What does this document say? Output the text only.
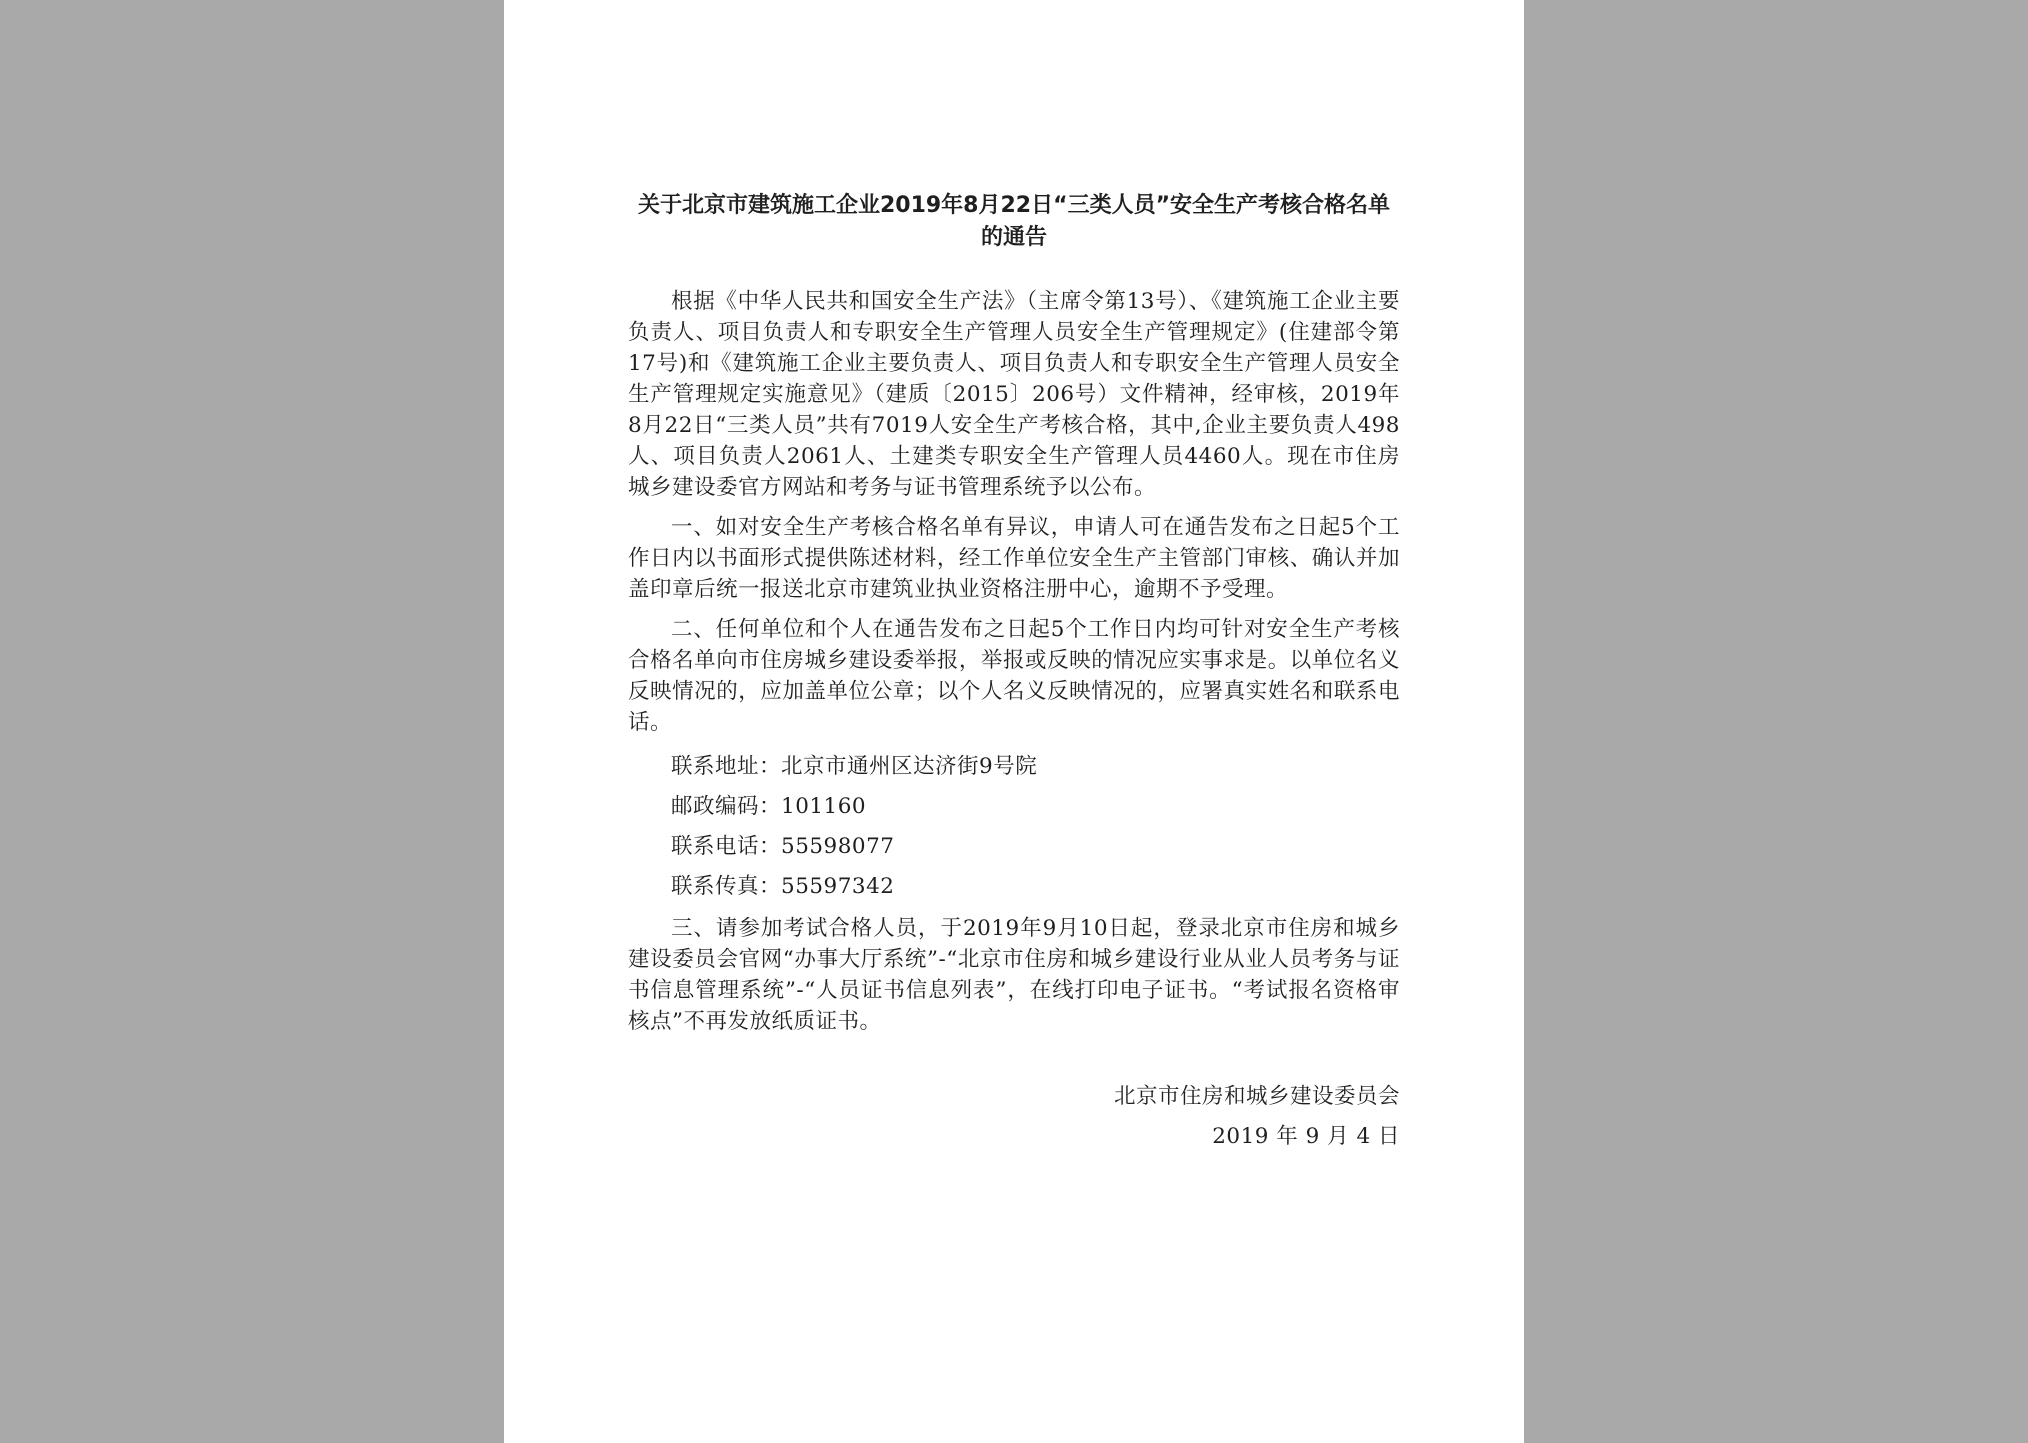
关于北京市建筑施工企业2019年8月22日“三类人员”安全生产考核合格名单的通告

根据《中华人民共和国安全生产法》（主席令第13号）、《建筑施工企业主要负责人、项目负责人和专职安全生产管理人员安全生产管理规定》(住建部令第17号)和《建筑施工企业主要负责人、项目负责人和专职安全生产管理人员安全生产管理规定实施意见》（建质〔2015〕206号）文件精神，经审核，2019年8月22日“三类人员”共有7019人安全生产考核合格，其中,企业主要负责人498人、项目负责人2061人、土建类专职安全生产管理人员4460人。现在市住房城乡建设委官方网站和考务与证书管理系统予以公布。

一、如对安全生产考核合格名单有异议，申请人可在通告发布之日起5个工作日内以书面形式提供陈述材料，经工作单位安全生产主管部门审核、确认并加盖印章后统一报送北京市建筑业执业资格注册中心，逾期不予受理。

二、任何单位和个人在通告发布之日起5个工作日内均可针对安全生产考核合格名单向市住房城乡建设委举报，举报或反映的情况应实事求是。以单位名义反映情况的，应加盖单位公章；以个人名义反映情况的，应署真实姓名和联系电话。

联系地址：北京市通州区达济街9号院
邮政编码：101160
联系电话：55598077
联系传真：55597342

三、请参加考试合格人员，于2019年9月10日起，登录北京市住房和城乡建设委员会官网“办事大厅系统”-“北京市住房和城乡建设行业从业人员考务与证书信息管理系统”-“人员证书信息列表”，在线打印电子证书。“考试报名资格审核点”不再发放纸质证书。

北京市住房和城乡建设委员会
2019 年 9 月 4 日
